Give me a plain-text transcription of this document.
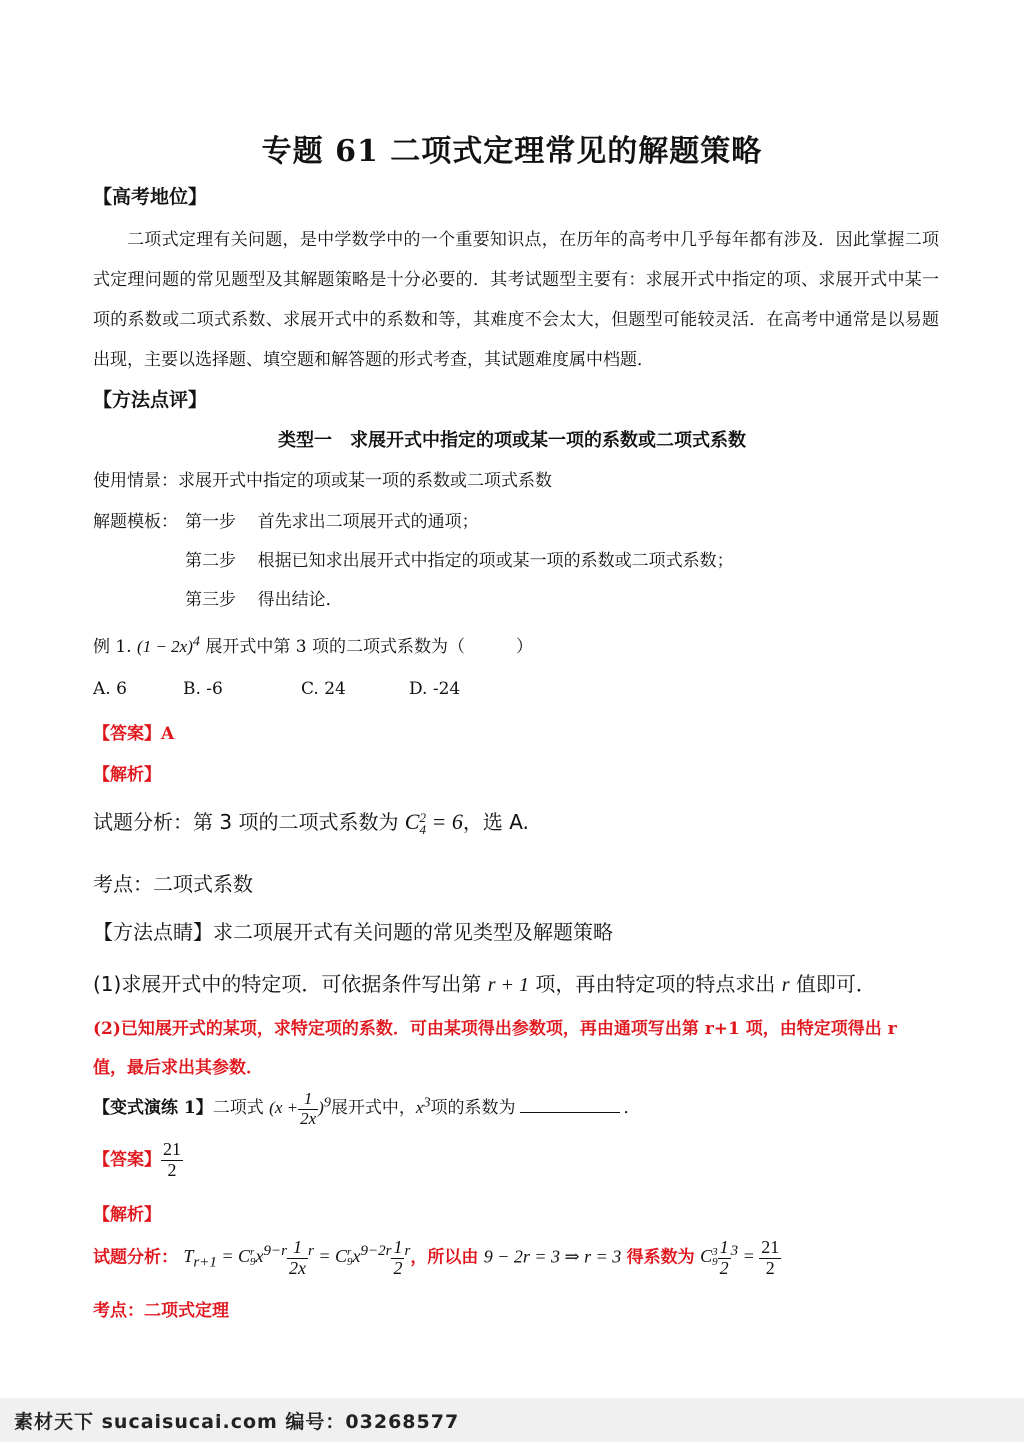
专题 61 二项式定理常见的解题策略
【高考地位】
二项式定理有关问题，是中学数学中的一个重要知识点，在历年的高考中几乎每年都有涉及．因此掌握二项式定理问题的常见题型及其解题策略是十分必要的．其考试题型主要有：求展开式中指定的项、求展开式中某一项的系数或二项式系数、求展开式中的系数和等，其难度不会太大，但题型可能较灵活．在高考中通常是以易题出现，主要以选择题、填空题和解答题的形式考查，其试题难度属中档题．
【方法点评】
类型一　求展开式中指定的项或某一项的系数或二项式系数
使用情景：求展开式中指定的项或某一项的系数或二项式系数
解题模板： 第一步 首先求出二项展开式的通项；
第二步 根据已知求出展开式中指定的项或某一项的系数或二项式系数；
第三步 得出结论．
例 1. $(1 - 2x)^4$ 展开式中第 3 项的二项式系数为（　　　）
A. 6	B. -6	C. 24	D. -24
【答案】A
【解析】
试题分析：第 3 项的二项式系数为 C 2
4 = 6，选 A.
考点：二项式系数
【方法点睛】求二项展开式有关问题的常见类型及解题策略
(1)求展开式中的特定项．可依据条件写出第 r + 1 项，再由特定项的特点求出 r 值即可．
(2)已知展开式的某项，求特定项的系数．可由某项得出参数项，再由通项写出第 r+1 项，由特定项得出 r
值，最后求出其参数．
【变式演练 1】二项式 $(x + \frac{1}{2x} )^9$展开式中，$x^3$项的系数为	．
【答案】 $\frac{21}{2}$
【解析】
试题分析： $T_{r+1} = C$ r
9 $x^{9-r} \frac{1}{2x} ^r = C$ r
9 $x^{9-2r} \frac{1}{2} ^r$，所以由 9 − 2r = 3 ⇒ r = 3 得系数为 C 3
$9 \frac{1}{2} ^3 = \frac{21}{2}$
考点：二项式定理
素材天下 sucaisucai.com 编号：03268577
